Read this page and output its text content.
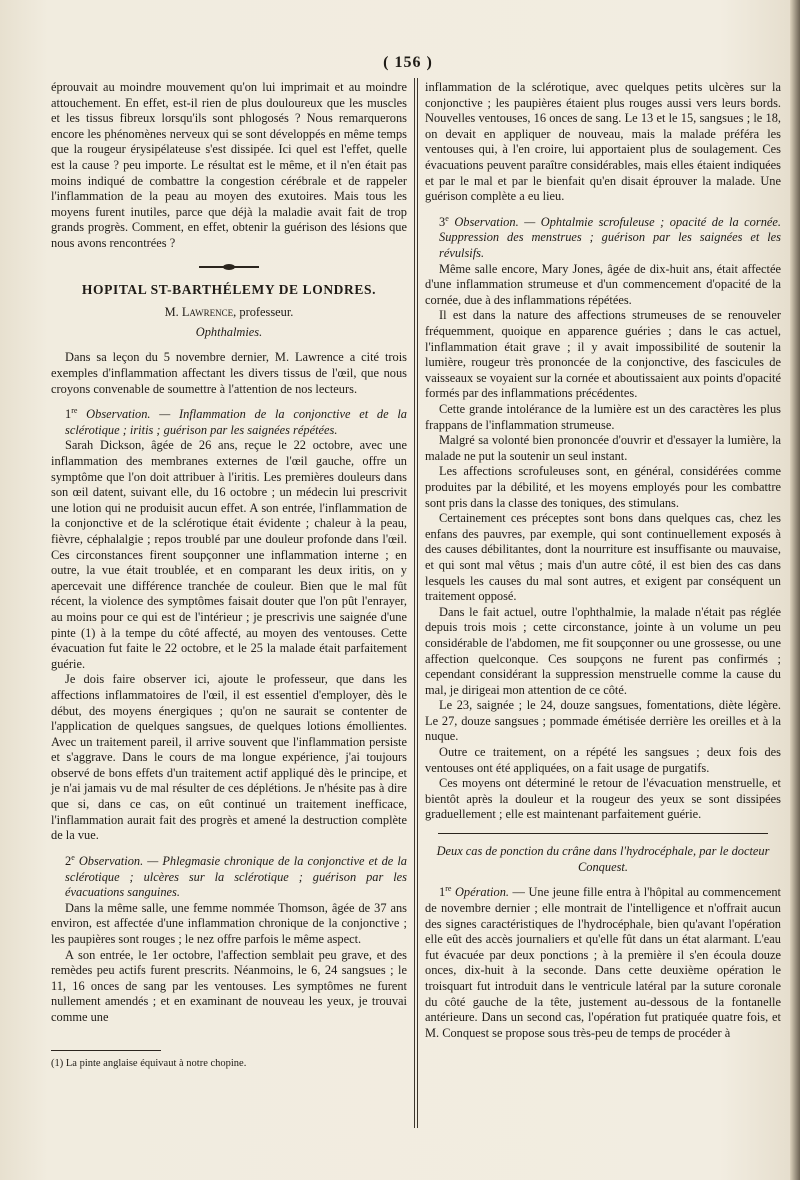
( 156 )

éprouvait au moindre mouvement qu'on lui imprimait et au moindre attouchement. En effet, est-il rien de plus douloureux que les muscles et les tissus fibreux lorsqu'ils sont phlogosés ? Nous remarquerons encore les phénomènes nerveux qui se sont développés en même temps que la rougeur érysipélateuse s'est dissipée. Ici quel est l'effet, quelle est la cause ? peu importe. Le résultat est le même, et il n'en était pas moins indiqué de combattre la congestion cérébrale et de rappeler l'inflammation de la peau au moyen des exutoires. Mais tous les moyens furent inutiles, parce que déjà la maladie avait fait de trop grands progrès. Comment, en effet, obtenir la guérison des lésions que nous avons rencontrées ?

HOPITAL ST-BARTHÉLEMY DE LONDRES.
M. Lawrence, professeur.
Ophthalmies.

Dans sa leçon du 5 novembre dernier, M. Lawrence a cité trois exemples d'inflammation affectant les divers tissus de l'œil, que nous croyons convenable de soumettre à l'attention de nos lecteurs.

1re Observation. — Inflammation de la conjonctive et de la sclérotique ; iritis ; guérison par les saignées répétées.

Sarah Dickson, âgée de 26 ans, reçue le 22 octobre, avec une inflammation des membranes externes de l'œil gauche, offre un symptôme que l'on doit attribuer à l'iritis. Les premières douleurs dans son œil datent, suivant elle, du 16 octobre ; un médecin lui prescrivit une lotion qui ne produisit aucun effet. A son entrée, l'inflammation de la conjonctive et de la sclérotique était évidente ; chaleur à la peau, fièvre, céphalalgie ; repos troublé par une douleur profonde dans l'œil. Ces circonstances firent soupçonner une inflammation interne ; en outre, la vue était troublée, et en comparant les deux iritis, on y apercevait une différence tranchée de couleur. Bien que le mal fût récent, la violence des symptômes faisait douter que l'on pût l'enrayer, au moins pour ce qui est de l'intérieur ; je prescrivis une saignée d'une pinte (1) à la tempe du côté affecté, au moyen des ventouses. Cette évacuation fut faite le 22 octobre, et le 25 la malade était parfaitement guérie.

Je dois faire observer ici, ajoute le professeur, que dans les affections inflammatoires de l'œil, il est essentiel d'employer, dès le début, des moyens énergiques ; qu'on ne saurait se contenter de l'application de quelques sangsues, de quelques lotions émollientes. Avec un traitement pareil, il arrive souvent que l'inflammation persiste et s'aggrave. Dans le cours de ma longue expérience, j'ai toujours observé de bons effets d'un traitement actif appliqué dès le principe, et je n'ai jamais vu de mal résulter de ces déplétions. Je n'hésite pas à dire que si, dans ce cas, on eût continué un traitement inefficace, l'inflammation aurait fait des progrès et amené la destruction complète de la vue.

2e Observation. — Phlegmasie chronique de la conjonctive et de la sclérotique ; ulcères sur la sclérotique ; guérison par les évacuations sanguines.

Dans la même salle, une femme nommée Thomson, âgée de 37 ans environ, est affectée d'une inflammation chronique de la conjonctive ; les paupières sont rouges ; le nez offre parfois le même aspect.

A son entrée, le 1er octobre, l'affection semblait peu grave, et des remèdes peu actifs furent prescrits. Néanmoins, le 6, 24 sangsues ; le 11, 16 onces de sang par les ventouses. Les symptômes ne furent nullement amendés ; et en examinant de nouveau les yeux, je trouvai comme une

(1) La pinte anglaise équivaut à notre chopine.

inflammation de la sclérotique, avec quelques petits ulcères sur la conjonctive ; les paupières étaient plus rouges aussi vers leurs bords. Nouvelles ventouses, 16 onces de sang. Le 13 et le 15, sangsues ; le 18, on devait en appliquer de nouveau, mais la malade préféra les ventouses qui, à l'en croire, lui apportaient plus de soulagement. Ces évacuations peuvent paraître considérables, mais elles étaient indiquées et par le mal et par le bienfait qu'en disait éprouver la malade. Une guérison complète a eu lieu.

3e Observation. — Ophtalmie scrofuleuse ; opacité de la cornée. Suppression des menstrues ; guérison par les saignées et les révulsifs.

Même salle encore, Mary Jones, âgée de dix-huit ans, était affectée d'une inflammation strumeuse et d'un commencement d'opacité de la cornée, due à des inflammations répétées.

Il est dans la nature des affections strumeuses de se renouveler fréquemment, quoique en apparence guéries ; dans le cas actuel, l'inflammation était grave ; il y avait impossibilité de soutenir la lumière, rougeur très prononcée de la conjonctive, des fascicules de vaisseaux se voyaient sur la cornée et aboutissaient aux points d'opacité formés par des inflammations précédentes.

Cette grande intolérance de la lumière est un des caractères les plus frappans de l'inflammation strumeuse.

Malgré sa volonté bien prononcée d'ouvrir et d'essayer la lumière, la malade ne put la soutenir un seul instant.

Les affections scrofuleuses sont, en général, considérées comme produites par la débilité, et les moyens employés pour les combattre sont pris dans la classe des toniques, des stimulans.

Certainement ces préceptes sont bons dans quelques cas, chez les enfans des pauvres, par exemple, qui sont continuellement exposés à des causes débilitantes, dont la nourriture est insuffisante ou mauvaise, et qui sont mal vêtus ; mais d'un autre côté, il est bien des cas dans lesquels les causes du mal sont autres, et exigent par conséquent un traitement opposé.

Dans le fait actuel, outre l'ophthalmie, la malade n'était pas réglée depuis trois mois ; cette circonstance, jointe à un volume un peu considérable de l'abdomen, me fit soupçonner ou une grossesse, ou une affection quelconque. Ces soupçons ne furent pas confirmés ; cependant considérant la suppression menstruelle comme la cause du mal, je dirigeai mon attention de ce côté.

Le 23, saignée ; le 24, douze sangsues, fomentations, diète légère. Le 27, douze sangsues ; pommade émétisée derrière les oreilles et à la nuque.

Outre ce traitement, on a répété les sangsues ; deux fois des ventouses ont été appliquées, on a fait usage de purgatifs.

Ces moyens ont déterminé le retour de l'évacuation menstruelle, et bientôt après la douleur et la rougeur des yeux se sont dissipées graduellement ; elle est maintenant parfaitement guérie.

Deux cas de ponction du crâne dans l'hydrocéphale, par le docteur Conquest.

1re Opération. — Une jeune fille entra à l'hôpital au commencement de novembre dernier ; elle montrait de l'intelligence et n'offrait aucun des signes caractéristiques de l'hydrocéphale, bien qu'avant l'opération elle eût des accès journaliers et qu'elle fût dans un état alarmant. L'eau fut évacuée par deux ponctions ; à la première il s'en écoula douze onces, dix-huit à la seconde. Dans cette deuxième opération le troisquart fut introduit dans le ventricule latéral par la suture coronale du côté gauche de la tête, justement au-dessous de la fontanelle antérieure. Dans un second cas, l'opération fut pratiquée quatre fois, et M. Conquest se propose sous très-peu de temps de procéder à
